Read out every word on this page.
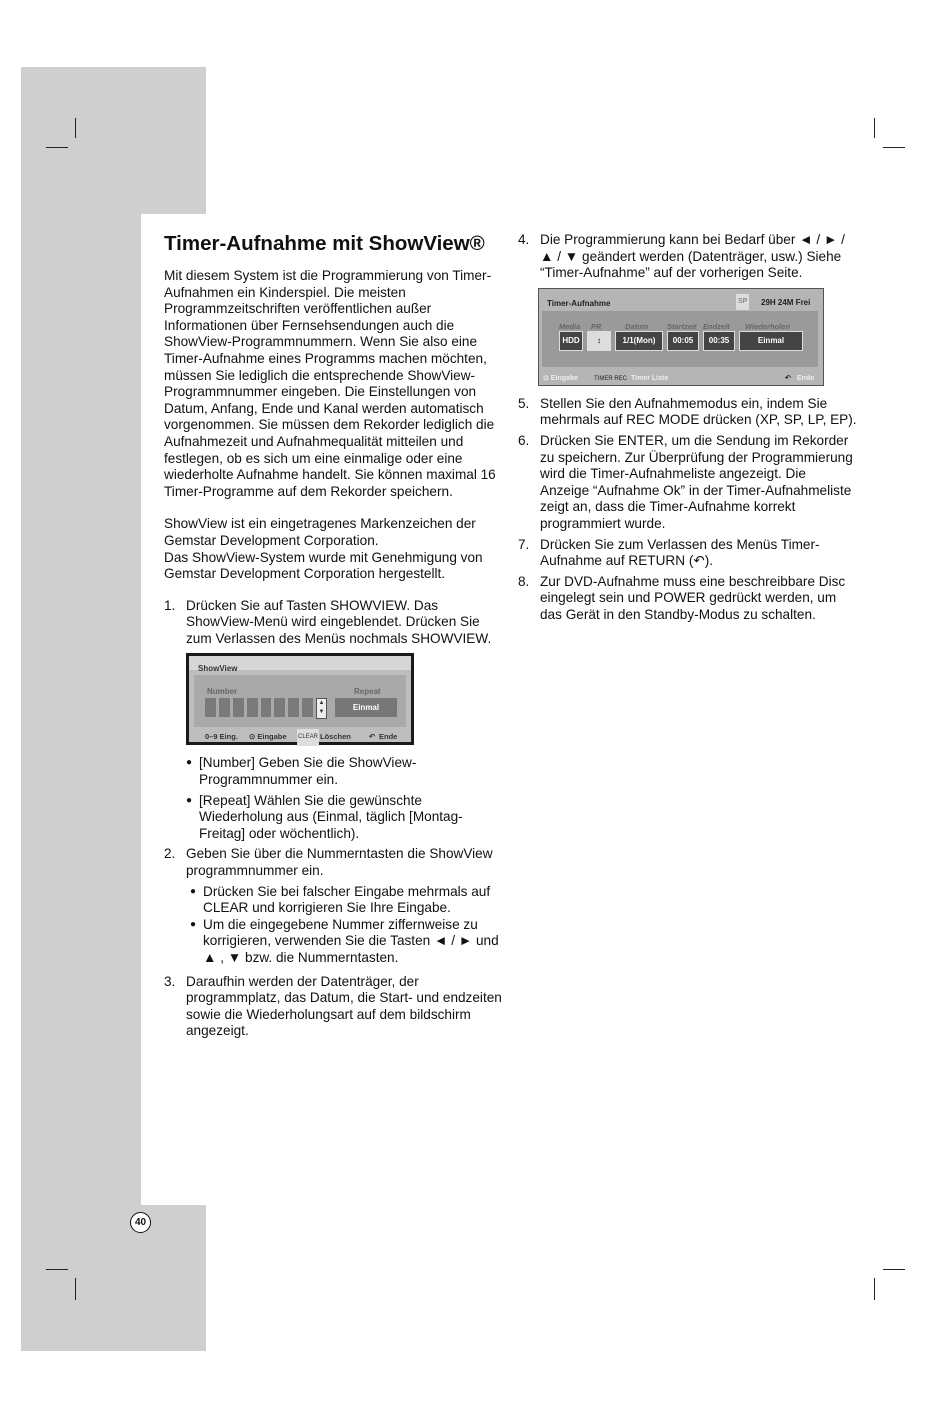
40
Timer-Aufnahme mit ShowView®

Mit diesem System ist die Programmierung von Timer-Aufnahmen ein Kinderspiel. Die meisten Programmzeitschriften veröffentlichen außer Informationen über Fernsehsendungen auch die ShowView-Programmnummern. Wenn Sie also eine Timer-Aufnahme eines Programms machen möchten, müssen Sie lediglich die entsprechende ShowView-Programmnummer eingeben. Die Einstellungen von Datum, Anfang, Ende und Kanal werden automatisch vorgenommen. Sie müssen dem Rekorder lediglich die Aufnahmezeit und Aufnahmequalität mitteilen und festlegen, ob es sich um eine einmalige oder eine wiederholte Aufnahme handelt. Sie können maximal 16 Timer-Programme auf dem Rekorder speichern.

ShowView ist ein eingetragenes Markenzeichen der Gemstar Development Corporation.

Das ShowView-System wurde mit Genehmigung von Gemstar Development Corporation hergestellt.

1. Drücken Sie auf Tasten SHOWVIEW. Das ShowView-Menü wird eingeblendet. Drücken Sie zum Verlassen des Menüs nochmals SHOWVIEW.
ShowView
Number	Repeat
▲
▼	Einmal
0–9 Eing. ⊙ Eingabe CLEAR Löschen ↶ Ende
● [Number] Geben Sie die ShowView-Programmnummer ein.
● [Repeat] Wählen Sie die gewünschte Wiederholung aus (Einmal, täglich [Montag-Freitag] oder wöchentlich).
2. Geben Sie über die Nummerntasten die ShowView programmnummer ein.
● Drücken Sie bei falscher Eingabe mehrmals auf CLEAR und korrigieren Sie Ihre Eingabe.
● Um die eingegebene Nummer ziffernweise zu korrigieren, verwenden Sie die Tasten ◄ / ► und ▲ , ▼ bzw. die Nummerntasten.
3. Daraufhin werden der Datenträger, der programmplatz, das Datum, die Start- und endzeiten sowie die Wiederholungsart auf dem bildschirm angezeigt.
4. Die Programmierung kann bei Bedarf über ◄ / ► / ▲ / ▼ geändert werden (Datenträger, usw.) Siehe “Timer-Aufnahme” auf der vorherigen Seite.
Timer-Aufnahme	SP 29H 24M Frei
Media PR	Datum Startzeit Endzeit Wiederholen
HDD	↕	1/1(Mon)	00:05	00:35	Einmal
⊙ Eingabe	TIMER REC Timer Liste	↶ Ende
5. Stellen Sie den Aufnahmemodus ein, indem Sie mehrmals auf REC MODE drücken (XP, SP, LP, EP).
6. Drücken Sie ENTER, um die Sendung im Rekorder zu speichern. Zur Überprüfung der Programmierung wird die Timer-Aufnahmeliste angezeigt. Die Anzeige “Aufnahme Ok” in der Timer-Aufnahmeliste zeigt an, dass die Timer-Aufnahme korrekt programmiert wurde.
7. Drücken Sie zum Verlassen des Menüs Timer-Aufnahme auf RETURN (↶).
8. Zur DVD-Aufnahme muss eine beschreibbare Disc eingelegt sein und POWER gedrückt werden, um das Gerät in den Standby-Modus zu schalten.
